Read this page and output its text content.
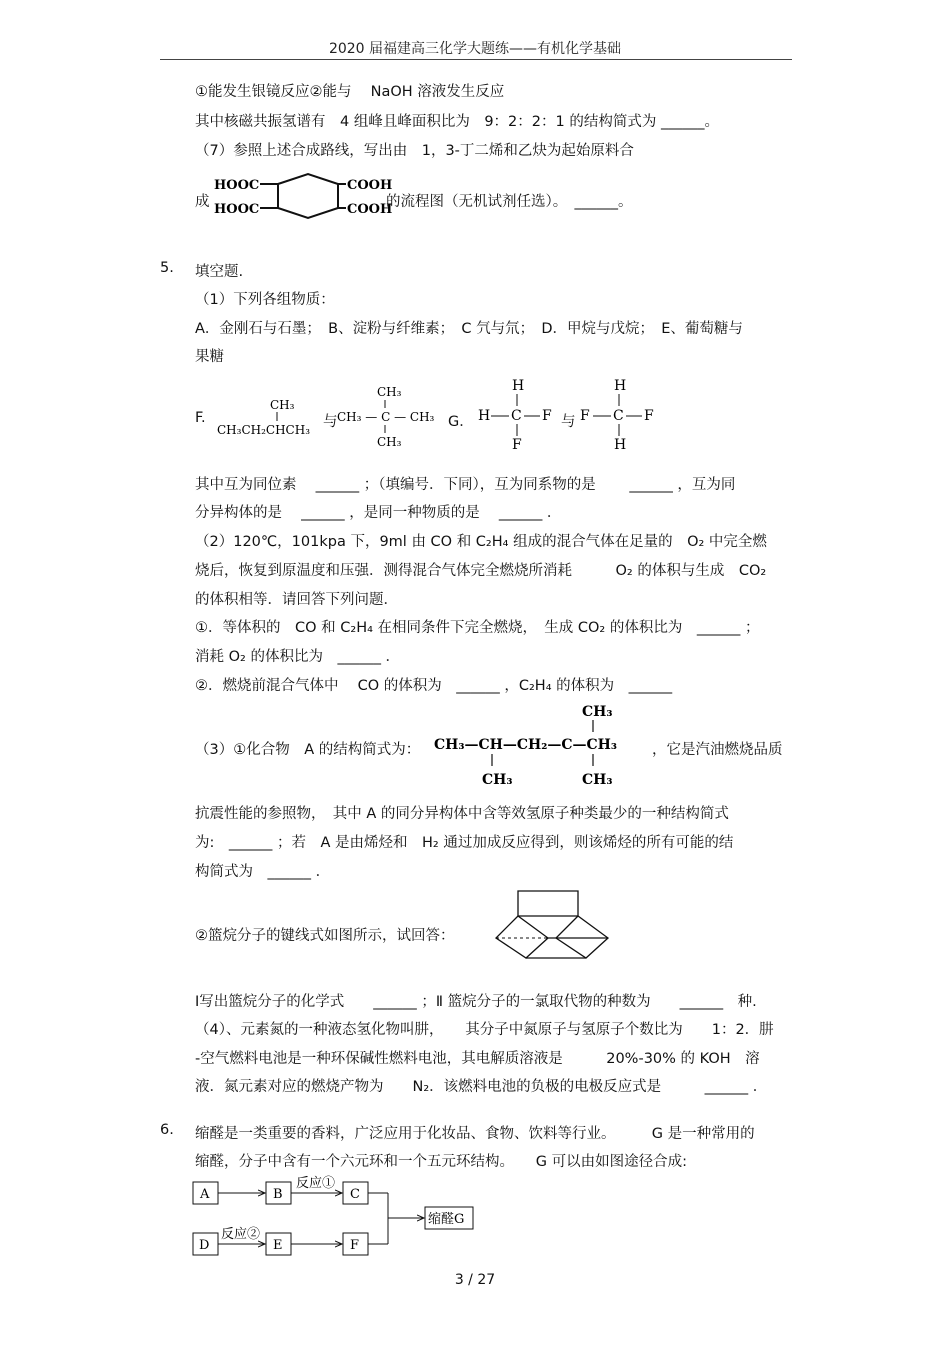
2020 届福建高三化学大题练——有机化学基础
①能发生银镜反应②能与　 NaOH 溶液发生反应
其中核磁共振氢谱有　4 组峰且峰面积比为　9：2：2：1 的结构简式为 ______。
（7）参照上述合成路线，写出由　1，3-丁二烯和乙炔为起始原料合
成
HOOC
HOOC
COOH
COOH
的流程图（无机试剂任选）。　______。
5. 填空题.
（1）下列各组物质：
A．金刚石与石墨；　B、淀粉与纤维素；　C 氕与氘；　D．甲烷与戊烷；　E、葡萄糖与
果糖
F.
CH₃
CH₃CH₂CHCH₃ 与
CH₃
CH₃ — C — CH₃
CH₃
G．
H
H C F
F
与
H
F C F
H
其中互为同位素　 ______ ；（填编号．下同），互为同系物的是　　 ______ ，互为同
分异构体的是　 ______ ，是同一种物质的是　 ______ ．
（2）120℃，101kpa 下，9ml 由 CO 和 C₂H₄ 组成的混合气体在足量的　O₂ 中完全燃
烧后，恢复到原温度和压强．测得混合气体完全燃烧所消耗　　　O₂ 的体积与生成　CO₂
的体积相等．请回答下列问题．
①．等体积的　CO 和 C₂H₄ 在相同条件下完全燃烧，　生成 CO₂ 的体积比为　______ ；
消耗 O₂ 的体积比为　______ ．
②．燃烧前混合气体中　 CO 的体积为　______ ，C₂H₄ 的体积为　______
（3）①化合物　A 的结构简式为：
CH₃
CH₃—CH—CH₂—C—CH₃
CH₃	CH₃
，它是汽油燃烧品质
抗震性能的参照物，　其中 A 的同分异构体中含等效氢原子种类最少的一种结构简式
为:　______ ；若　A 是由烯烃和　H₂ 通过加成反应得到，则该烯烃的所有可能的结
构简式为　______ ．
②篮烷分子的键线式如图所示，试回答：
Ⅰ写出篮烷分子的化学式　　______ ；Ⅱ 篮烷分子的一氯取代物的种数为　　______　种.
（4）、元素氮的一种液态氢化物叫肼，　　其分子中氮原子与氢原子个数比为　　1：2．肼
-空气燃料电池是一种环保碱性燃料电池，其电解质溶液是　　　20%-30% 的 KOH　溶
液．氮元素对应的燃烧产物为　　N₂．该燃料电池的负极的电极反应式是　　　______ ．
6. 缩醛是一类重要的香料，广泛应用于化妆品、食物、饮料等行业。　　　G 是一种常用的
缩醛，分子中含有一个六元环和一个五元环结构。　　G 可以由如图途径合成:
A	B
反应①
C
D
反应②
E	F
缩醛G
3 / 27
